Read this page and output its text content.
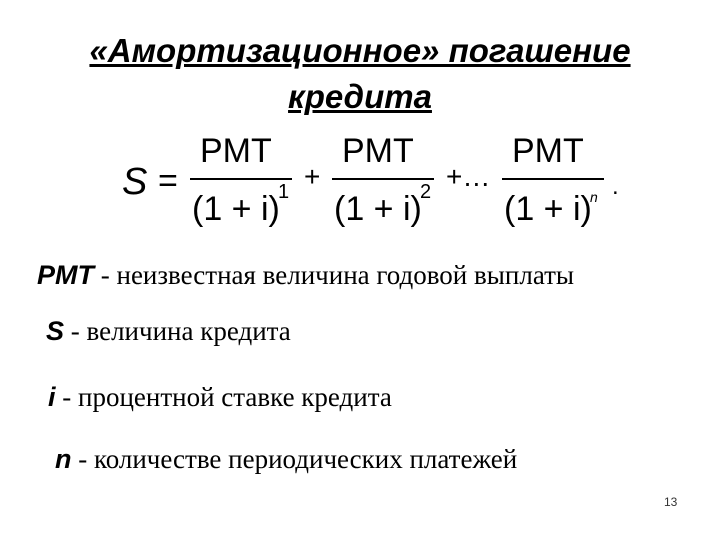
«Амортизационное» погашение
кредита
S =
PMT
(1 + i)
1 +
PMT
(1 + i)
2 +…
PMT
(1 + i)
n .
PMT - неизвестная величина годовой выплаты
S - величина кредита
i - процентной ставке кредита
n - количестве периодических платежей
13
